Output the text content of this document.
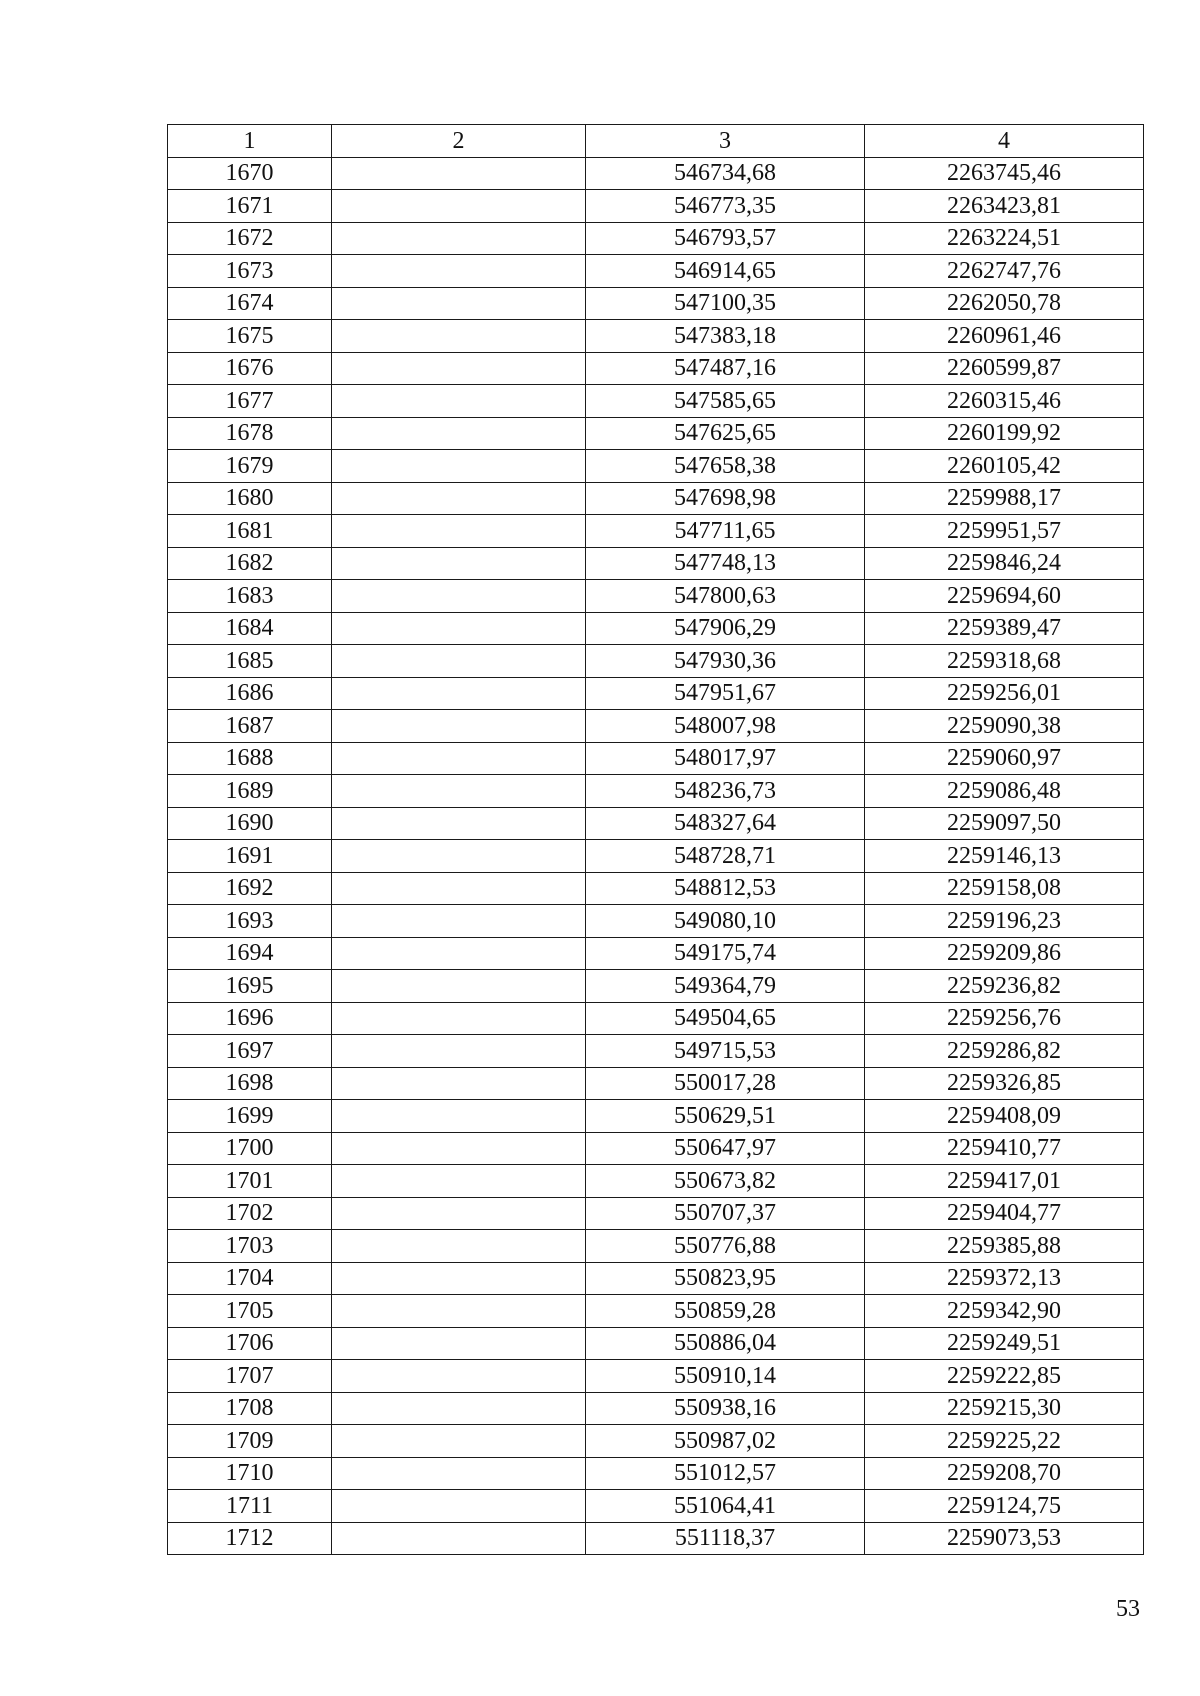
1	2	3	4
1670		546734,68	2263745,46
1671		546773,35	2263423,81
1672		546793,57	2263224,51
1673		546914,65	2262747,76
1674		547100,35	2262050,78
1675		547383,18	2260961,46
1676		547487,16	2260599,87
1677		547585,65	2260315,46
1678		547625,65	2260199,92
1679		547658,38	2260105,42
1680		547698,98	2259988,17
1681		547711,65	2259951,57
1682		547748,13	2259846,24
1683		547800,63	2259694,60
1684		547906,29	2259389,47
1685		547930,36	2259318,68
1686		547951,67	2259256,01
1687		548007,98	2259090,38
1688		548017,97	2259060,97
1689		548236,73	2259086,48
1690		548327,64	2259097,50
1691		548728,71	2259146,13
1692		548812,53	2259158,08
1693		549080,10	2259196,23
1694		549175,74	2259209,86
1695		549364,79	2259236,82
1696		549504,65	2259256,76
1697		549715,53	2259286,82
1698		550017,28	2259326,85
1699		550629,51	2259408,09
1700		550647,97	2259410,77
1701		550673,82	2259417,01
1702		550707,37	2259404,77
1703		550776,88	2259385,88
1704		550823,95	2259372,13
1705		550859,28	2259342,90
1706		550886,04	2259249,51
1707		550910,14	2259222,85
1708		550938,16	2259215,30
1709		550987,02	2259225,22
1710		551012,57	2259208,70
1711		551064,41	2259124,75
1712		551118,37	2259073,53
53
